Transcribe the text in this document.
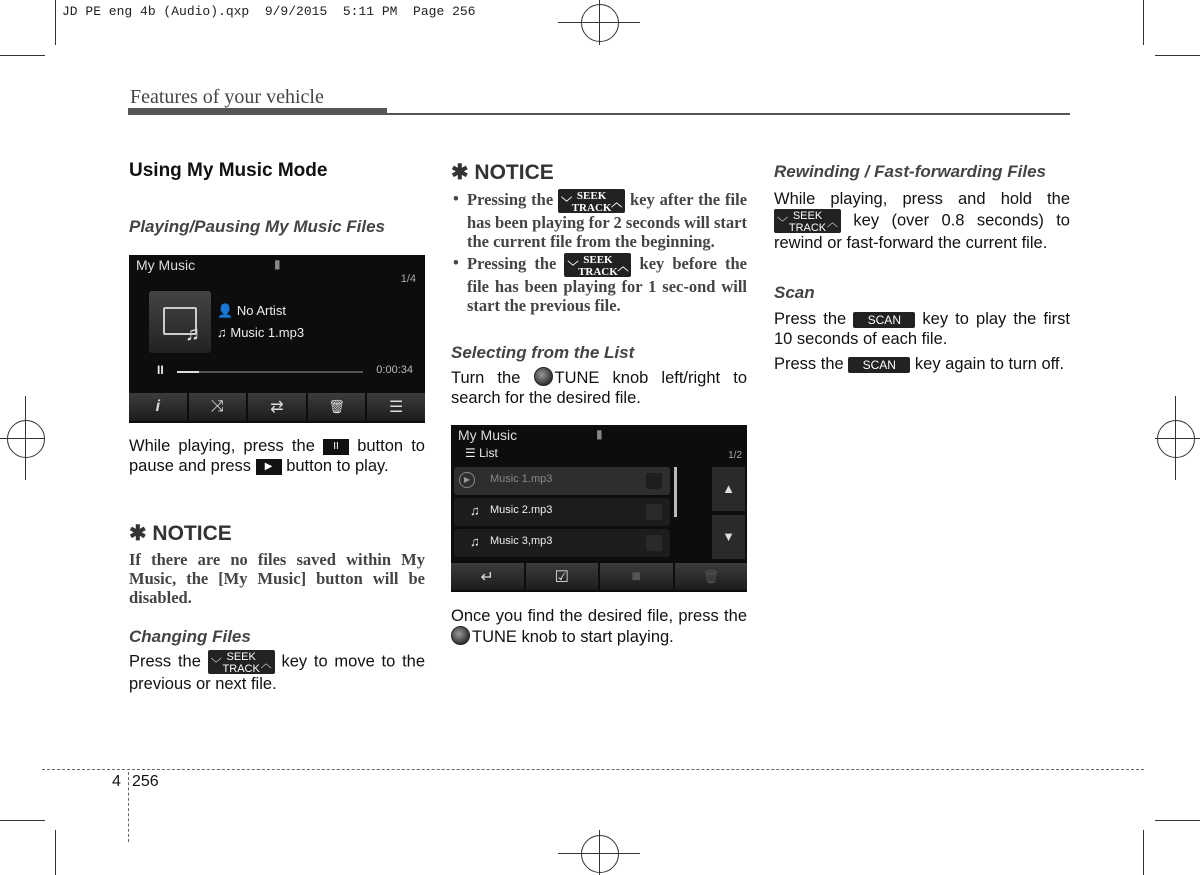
JD PE eng 4b (Audio).qxp  9/9/2015  5:11 PM  Page 256
Features of your vehicle
Using My Music Mode
Playing/Pausing My Music Files
My Music	▮
1/4
♫
👤 No Artist
♫ Music 1.mp3
II	0:00:34
i	⤨	⇄	🗑	☰
While playing, press the II button to pause and press ▶ button to play.
✱ NOTICE
If there are no files saved within My Music, the [My Music] button will be disabled.
Changing Files
Press the ﹀
SEEK
TRACK ︿ key to move to the previous or next file.
✱ NOTICE
• Pressing the ﹀
SEEK
TRACK ︿ key after the file has been playing for 2 seconds will start the current file from the beginning.
• Pressing the ﹀
SEEK
TRACK ︿ key before the file has been playing for 1 sec-ond will start the previous file.
Selecting from the List
Turn the TUNE knob left/right to search for the desired file.
My Music	▮
☰ List	1/2
▶	Music 1.mp3
♫ Music 2.mp3
♫ Music 3,mp3
▲
▼
↵	☑	■	🗑
Once you find the desired file, press the TUNE knob to start playing.
Rewinding / Fast-forwarding Files
While playing, press and hold the
﹀
SEEK
TRACK ︿ key (over 0.8 seconds) to rewind or fast-forward the current file.
Scan
Press the SCAN key to play the first 10 seconds of each file.
Press the SCAN key again to turn off.
4 256
